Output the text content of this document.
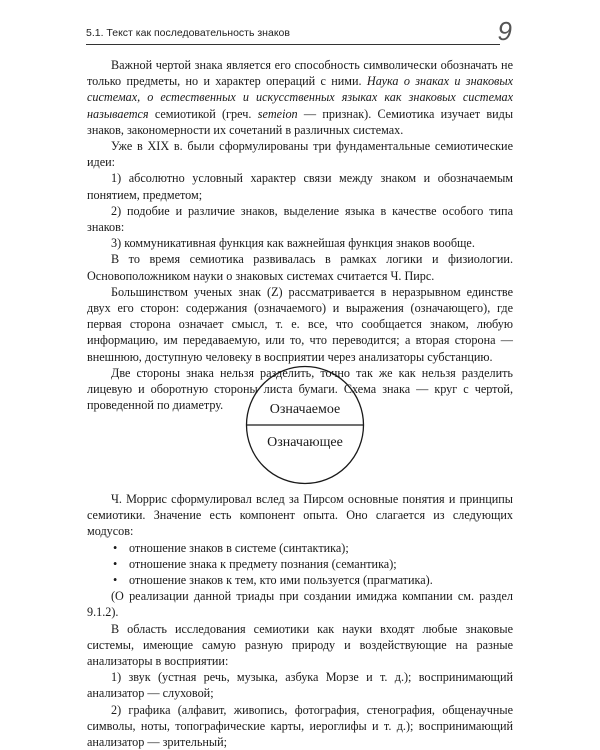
5.1. Текст как последовательность знаков	9

Важной чертой знака является его способность символически обозначать не только предметы, но и характер операций с ними. Наука о знаках и знаковых системах, о естественных и искусственных языках как знаковых системах называется семиотикой (греч. semeion — признак). Семиотика изучает виды знаков, закономерности их сочетаний в различных системах.

Уже в XIX в. были сформулированы три фундаментальные семиотические идеи:

1) абсолютно условный характер связи между знаком и обозначаемым понятием, предметом;

2) подобие и различие знаков, выделение языка в качестве особого типа знаков:

3) коммуникативная функция как важнейшая функция знаков вообще.

В то время семиотика развивалась в рамках логики и физиологии. Основоположником науки о знаковых системах считается Ч. Пирс.

Большинством ученых знак (Z) рассматривается в неразрывном единстве двух его сторон: содержания (означаемого) и выражения (означающего), где первая сторона означает смысл, т. е. все, что сообщается знаком, любую информацию, им передаваемую, или то, что переводится; а вторая сторона — внешнюю, доступную человеку в восприятии через анализаторы субстанцию.

Две стороны знака нельзя разделить, точно так же как нельзя разделить лицевую и оборотную стороны листа бумаги. Схема знака — круг с чертой, проведенной по диаметру.	Означаемое
Означающее

Ч. Моррис сформулировал вслед за Пирсом основные понятия и принципы семиотики. Значение есть компонент опыта. Оно слагается из следующих модусов:

• отношение знаков в системе (синтактика);
• отношение знака к предмету познания (семантика);
• отношение знаков к тем, кто ими пользуется (прагматика).

(О реализации данной триады при создании имиджа компании см. раздел 9.1.2).

В область исследования семиотики как науки входят любые знаковые системы, имеющие самую разную природу и воздействующие на разные анализаторы в восприятии:

1) звук (устная речь, музыка, азбука Морзе и т. д.); воспринимающий анализатор — слуховой;

2) графика (алфавит, живопись, фотография, стенография, общенаучные символы, ноты, топографические карты, иероглифы и т. д.); воспринимающий анализатор — зрительный;
